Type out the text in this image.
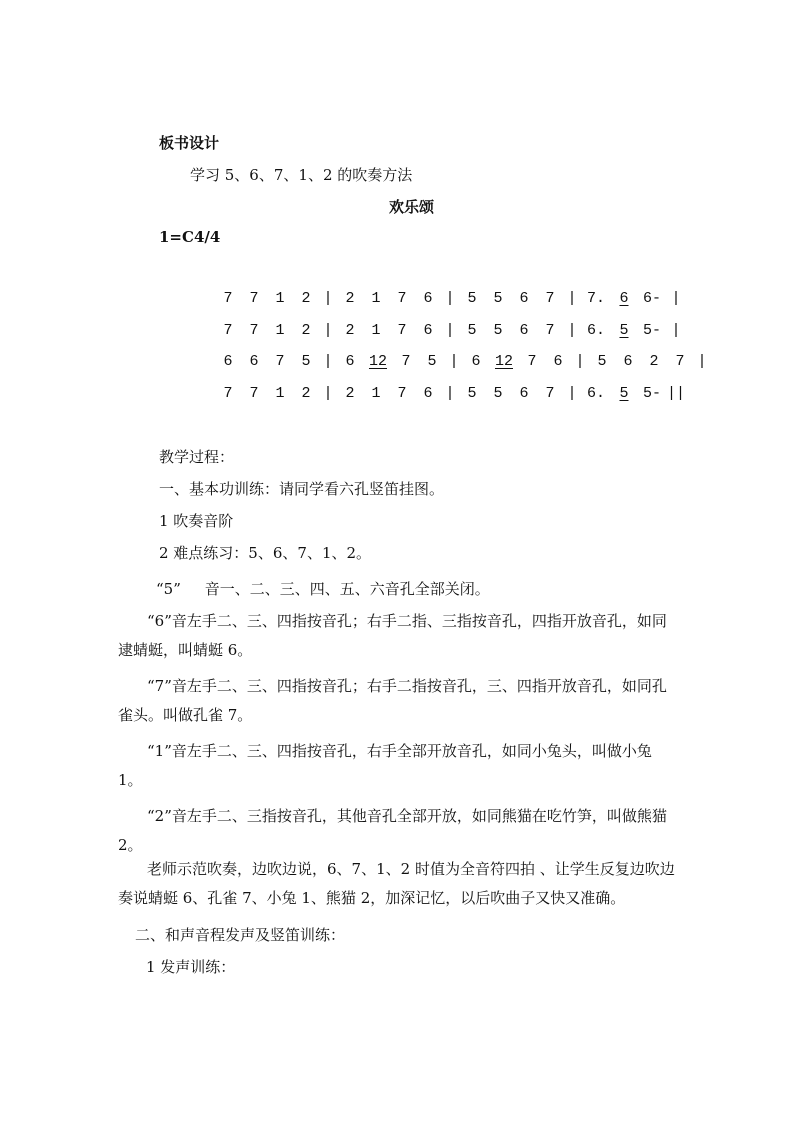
板书设计
学习 5、6、7、1、2 的吹奏方法
欢乐颂
1=C4/4
7 7 1 2 | 2 1 7 6 | 5 5 6 7 | 7. 6 6- |
7 7 1 2 | 2 1 7 6 | 5 5 6 7 | 6. 5 5- |
6 6 7 5 | 6 12 7 5 | 6 12 7 6 | 5 6 2 7 |
7 7 1 2 | 2 1 7 6 | 5 5 6 7 | 6. 5 5- ||
教学过程：
一、基本功训练：请同学看六孔竖笛挂图。
1 吹奏音阶
2 难点练习：5、6、7、1、2。
“5”     音一、二、三、四、五、六音孔全部关闭。

“6”音左手二、三、四指按音孔；右手二指、三指按音孔，四指开放音孔，如同逮蜻蜓，叫蜻蜓 6。

“7”音左手二、三、四指按音孔；右手二指按音孔，三、四指开放音孔，如同孔雀头。叫做孔雀 7。

“1”音左手二、三、四指按音孔，右手全部开放音孔，如同小兔头，叫做小兔 1。

“2”音左手二、三指按音孔，其他音孔全部开放，如同熊猫在吃竹笋，叫做熊猫 2。

老师示范吹奏，边吹边说，6、7、1、2 时值为全音符四拍 、让学生反复边吹边奏说蜻蜓 6、孔雀 7、小兔 1、熊猫 2，加深记忆，以后吹曲子又快又准确。

二、和声音程发声及竖笛训练：
1 发声训练：
